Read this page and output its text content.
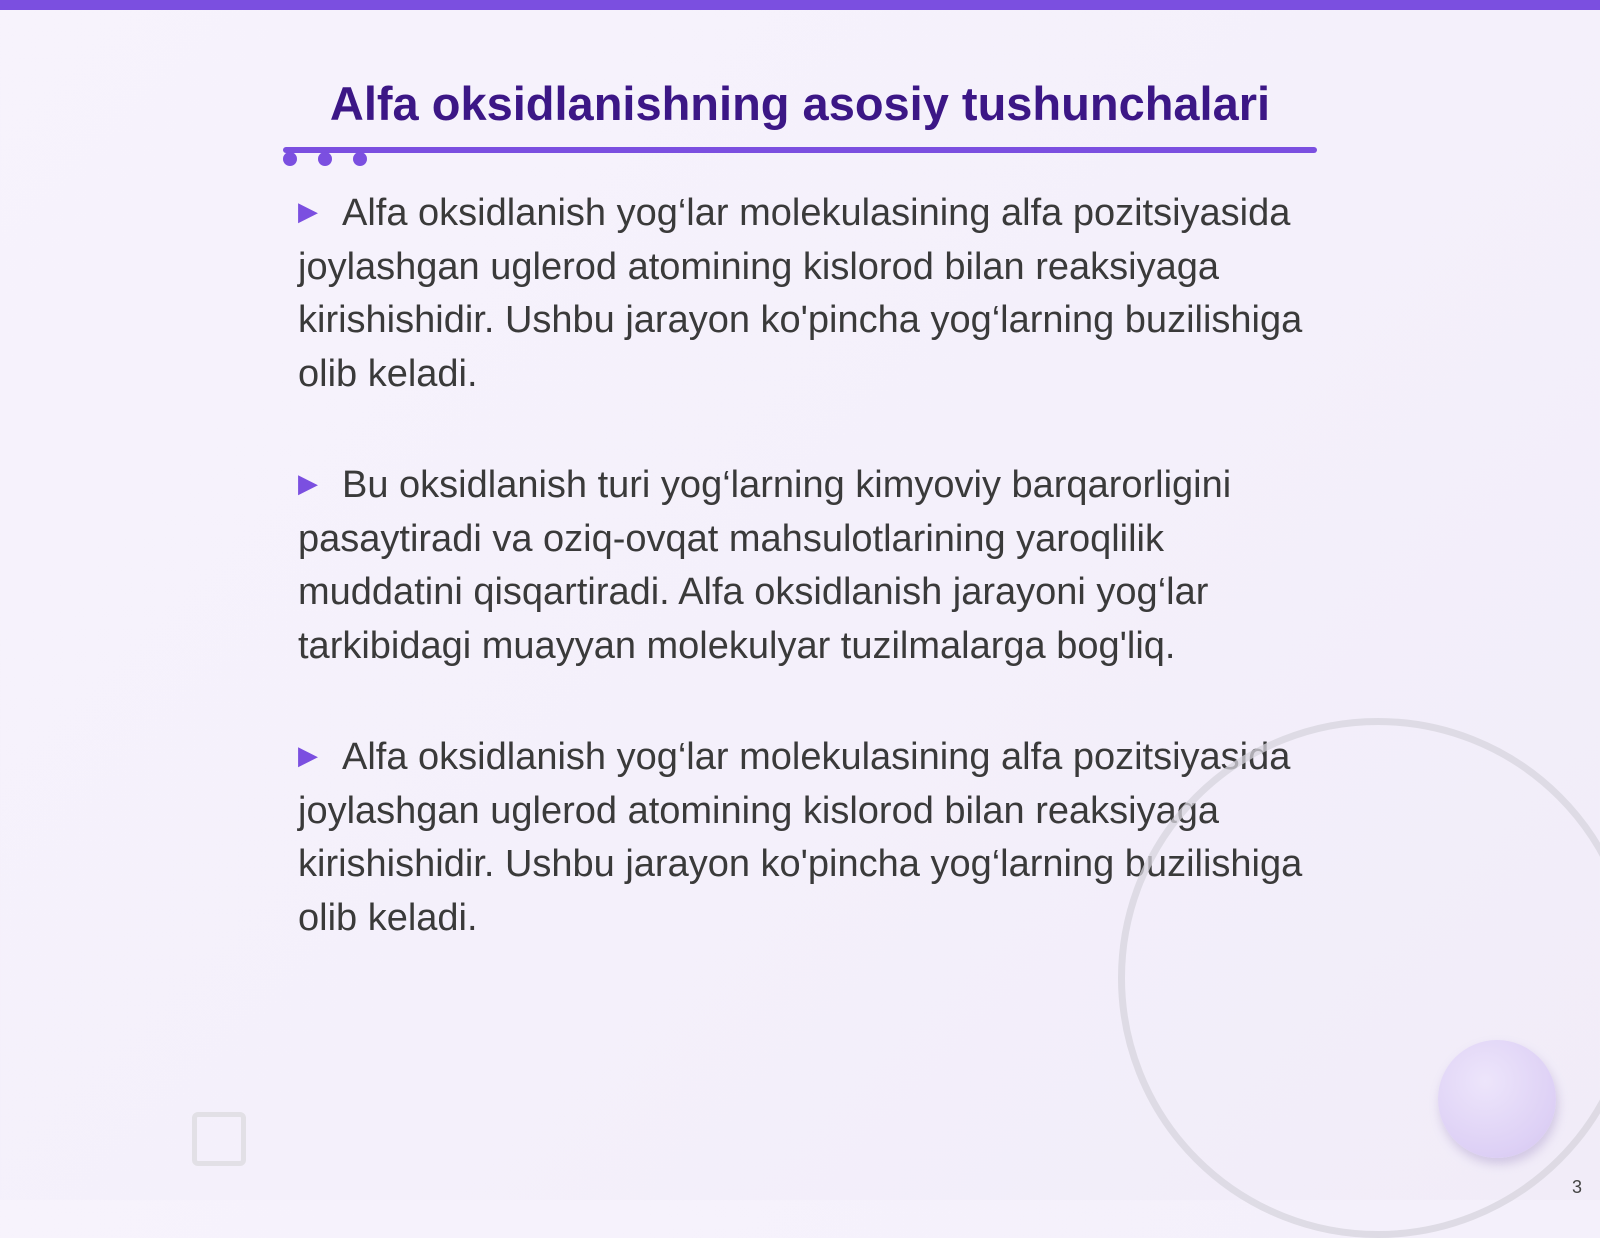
Alfa oksidlanishning asosiy tushunchalari

▶ Alfa oksidlanish yog‘lar molekulasining alfa pozitsiyasida joylashgan uglerod atomining kislorod bilan reaksiyaga kirishishidir. Ushbu jarayon ko'pincha yog‘larning buzilishiga olib keladi.

▶ Bu oksidlanish turi yog‘larning kimyoviy barqarorligini pasaytiradi va oziq-ovqat mahsulotlarining yaroqlilik muddatini qisqartiradi. Alfa oksidlanish jarayoni yog‘lar tarkibidagi muayyan molekulyar tuzilmalarga bog'liq.

▶ Alfa oksidlanish yog‘lar molekulasining alfa pozitsiyasida joylashgan uglerod atomining kislorod bilan reaksiyaga kirishishidir. Ushbu jarayon ko'pincha yog‘larning buzilishiga olib keladi.

3
